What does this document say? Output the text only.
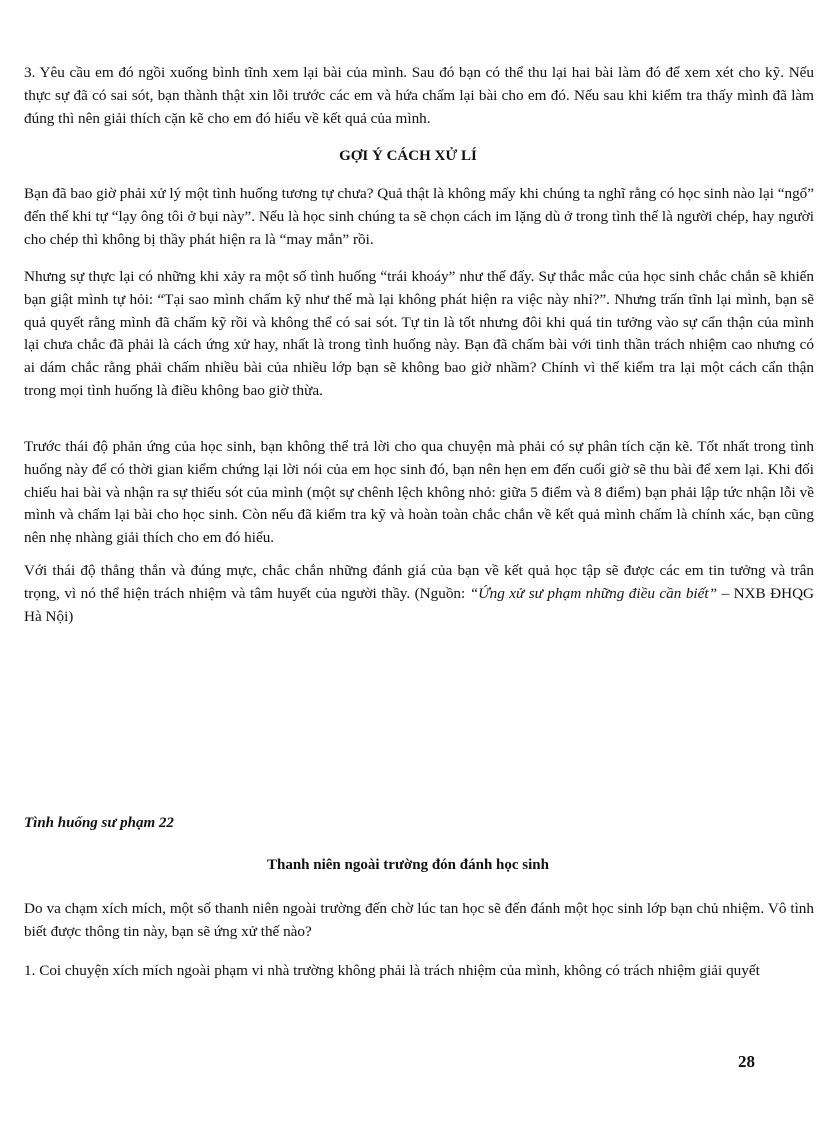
3. Yêu cầu em đó ngồi xuống bình tĩnh xem lại bài của mình. Sau đó bạn có thể thu lại hai bài làm đó để xem xét cho kỹ. Nếu thực sự đã có sai sót, bạn thành thật xin lỗi trước các em và hứa chấm lại bài cho em đó. Nếu sau khi kiểm tra thấy mình đã làm đúng thì nên giải thích cặn kẽ cho em đó hiểu về kết quả của mình.

GỢI Ý CÁCH XỬ LÍ

Bạn đã bao giờ phải xử lý một tình huống tương tự chưa? Quả thật là không mấy khi chúng ta nghĩ rằng có học sinh nào lại “ngổ” đến thế khi tự “lạy ông tôi ở bụi này”. Nếu là học sinh chúng ta sẽ chọn cách im lặng dù ở trong tình thế là người chép, hay người cho chép thì không bị thầy phát hiện ra là “may mắn” rồi.

Nhưng sự thực lại có những khi xảy ra một số tình huống “trái khoáy” như thế đấy. Sự thắc mắc của học sinh chắc chắn sẽ khiến bạn giật mình tự hỏi: “Tại sao mình chấm kỹ như thế mà lại không phát hiện ra việc này nhỉ?”. Nhưng trấn tĩnh lại mình, bạn sẽ quả quyết rằng mình đã chấm kỹ rồi và không thể có sai sót. Tự tin là tốt nhưng đôi khi quá tin tưởng vào sự cẩn thận của mình lại chưa chắc đã phải là cách ứng xử hay, nhất là trong tình huống này. Bạn đã chấm bài với tinh thần trách nhiệm cao nhưng có ai dám chắc rằng phải chấm nhiều bài của nhiều lớp bạn sẽ không bao giờ nhầm? Chính vì thế kiểm tra lại một cách cẩn thận trong mọi tình huống là điều không bao giờ thừa.

Trước thái độ phản ứng của học sinh, bạn không thể trả lời cho qua chuyện mà phải có sự phân tích cặn kẽ. Tốt nhất trong tình huống này để có thời gian kiểm chứng lại lời nói của em học sinh đó, bạn nên hẹn em đến cuối giờ sẽ thu bài để xem lại. Khi đối chiếu hai bài và nhận ra sự thiếu sót của mình (một sự chênh lệch không nhỏ: giữa 5 điểm và 8 điểm) bạn phải lập tức nhận lỗi về mình và chấm lại bài cho học sinh. Còn nếu đã kiểm tra kỹ và hoàn toàn chắc chắn về kết quả mình chấm là chính xác, bạn cũng nên nhẹ nhàng giải thích cho em đó hiểu.

Với thái độ thẳng thắn và đúng mực, chắc chắn những đánh giá của bạn về kết quả học tập sẽ được các em tin tưởng và trân trọng, vì nó thể hiện trách nhiệm và tâm huyết của người thầy. (Nguồn: “Ứng xử sư phạm những điều cần biết” – NXB ĐHQG Hà Nội)

Tình huống sư phạm 22

Thanh niên ngoài trường đón đánh học sinh

Do va chạm xích mích, một số thanh niên ngoài trường đến chờ lúc tan học sẽ đến đánh một học sinh lớp bạn chủ nhiệm. Vô tình biết được thông tin này, bạn sẽ ứng xử thế nào?

1. Coi chuyện xích mích ngoài phạm vi nhà trường không phải là trách nhiệm của mình, không có trách nhiệm giải quyết

28
